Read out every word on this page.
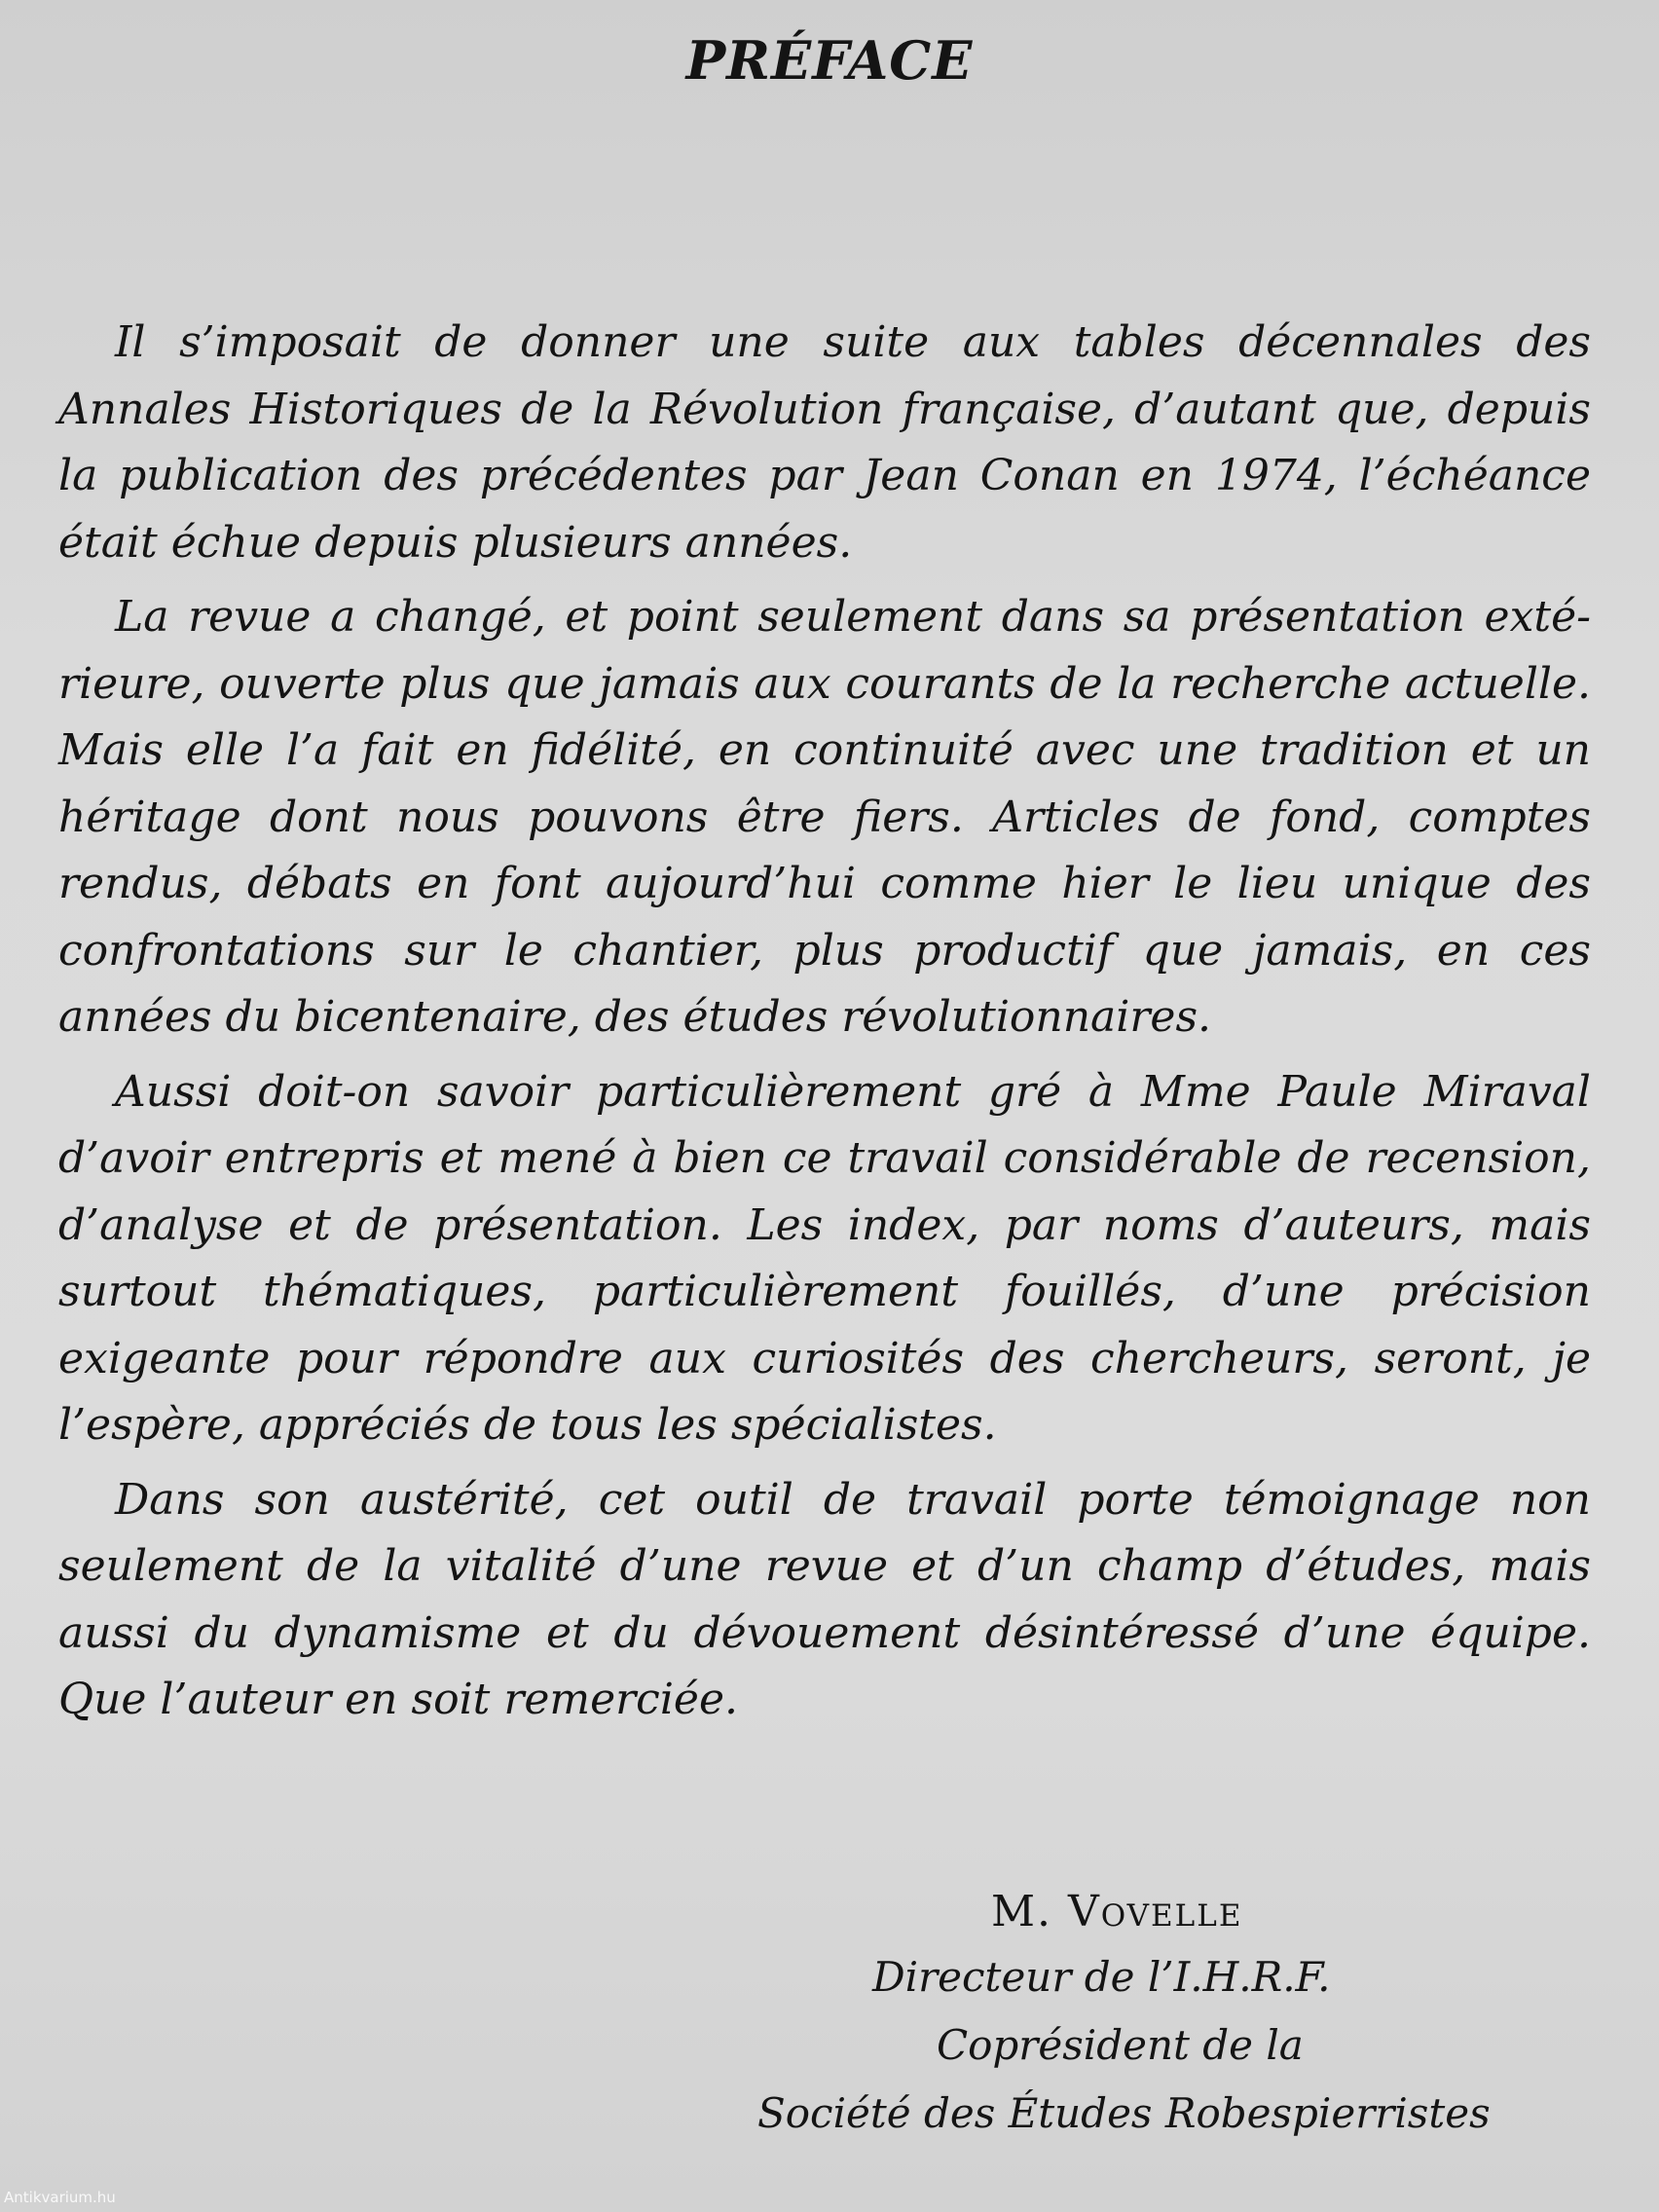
PRÉFACE

Il s’imposait de donner une suite aux tables décennales des Annales Historiques de la Révolution française, d’autant que, depuis la publication des précédentes par Jean Conan en 1974, l’échéance était échue depuis plusieurs années.

La revue a changé, et point seulement dans sa présentation extérieure, ouverte plus que jamais aux courants de la recherche actuelle. Mais elle l’a fait en fidélité, en continuité avec une tradition et un héritage dont nous pouvons être fiers. Articles de fond, comptes rendus, débats en font aujourd’hui comme hier le lieu unique des confrontations sur le chantier, plus productif que jamais, en ces années du bicentenaire, des études révolutionnaires.

Aussi doit-on savoir particulièrement gré à Mme Paule Miraval d’avoir entrepris et mené à bien ce travail considérable de recension, d’analyse et de présentation. Les index, par noms d’auteurs, mais surtout thématiques, particulièrement fouillés, d’une précision exigeante pour répondre aux curiosités des chercheurs, seront, je l’espère, appréciés de tous les spécialistes.

Dans son austérité, cet outil de travail porte témoignage non seulement de la vitalité d’une revue et d’un champ d’études, mais aussi du dynamisme et du dévouement désintéressé d’une équipe. Que l’auteur en soit remerciée.

M. Vovelle
Directeur de l’I.H.R.F.
Coprésident de la
Société des Études Robespierristes
Antikvarium.hu
